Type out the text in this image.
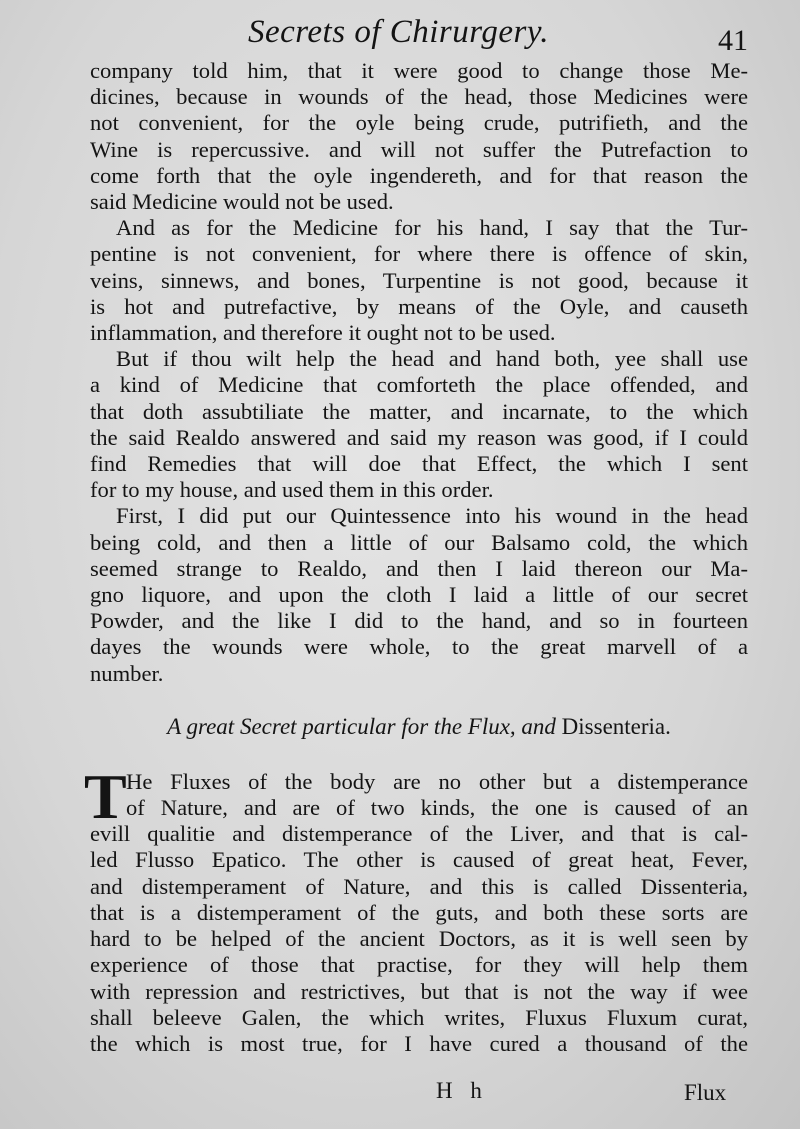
Secrets of Chirurgery.	41

company told him, that it were good to change those Me-
dicines, because in wounds of the head, those Medicines were
not convenient, for the oyle being crude, putrifieth, and the
Wine is repercussive. and will not suffer the Putrefaction to
come forth that the oyle ingendereth, and for that reason the
said Medicine would not be used.

And as for the Medicine for his hand, I say that the Tur-
pentine is not convenient, for where there is offence of skin,
veins, sinnews, and bones, Turpentine is not good, because it
is hot and putrefactive, by means of the Oyle, and causeth
inflammation, and therefore it ought not to be used.

But if thou wilt help the head and hand both, yee shall use
a kind of Medicine that comforteth the place offended, and
that doth assubtiliate the matter, and incarnate, to the which
the said Realdo answered and said my reason was good, if I could
find Remedies that will doe that Effect, the which I sent
for to my house, and used them in this order.

First, I did put our Quintessence into his wound in the head
being cold, and then a little of our Balsamo cold, the which
seemed strange to Realdo, and then I laid thereon our Ma-
gno liquore, and upon the cloth I laid a little of our secret
Powder, and the like I did to the hand, and so in fourteen
dayes the wounds were whole, to the great marvell of a
number.

A great Secret particular for the Flux, and Dissenteria.
T He Fluxes of the body are no other but a distemperance
of Nature, and are of two kinds, the one is caused of an
evill qualitie and distemperance of the Liver, and that is cal-
led Flusso Epatico. The other is caused of great heat, Fever,
and distemperament of Nature, and this is called Dissenteria,
that is a distemperament of the guts, and both these sorts are
hard to be helped of the ancient Doctors, as it is well seen by
experience of those that practise, for they will help them
with repression and restrictives, but that is not the way if wee
shall beleeve Galen, the which writes, Fluxus Fluxum curat,
the which is most true, for I have cured a thousand of the
H h	Flux
